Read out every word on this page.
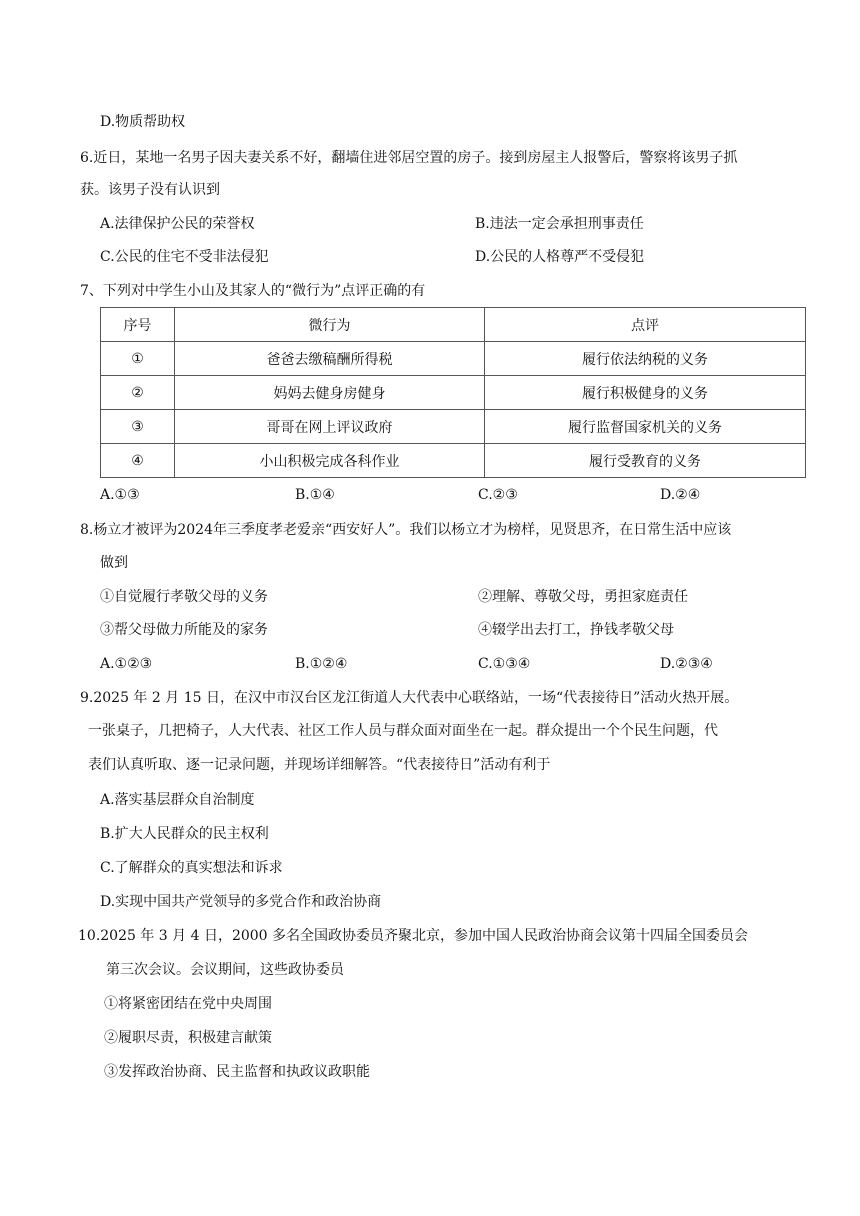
D.物质帮助权
6.近日，某地一名男子因夫妻关系不好，翻墙住进邻居空置的房子。接到房屋主人报警后，警察将该男子抓
获。该男子没有认识到
A.法律保护公民的荣誉权	B.违法一定会承担刑事责任
C.公民的住宅不受非法侵犯	D.公民的人格尊严不受侵犯
7、下列对中学生小山及其家人的“微行为”点评正确的有
序号	微行为	点评
①	爸爸去缴稿酬所得税	履行依法纳税的义务
②	妈妈去健身房健身	履行积极健身的义务
③	哥哥在网上评议政府	履行监督国家机关的义务
④	小山积极完成各科作业	履行受教育的义务
A.①③	B.①④	C.②③	D.②④
8.杨立才被评为2024年三季度孝老爱亲“西安好人”。我们以杨立才为榜样，见贤思齐，在日常生活中应该
做到
①自觉履行孝敬父母的义务	②理解、尊敬父母，勇担家庭责任
③帮父母做力所能及的家务	④辍学出去打工，挣钱孝敬父母
A.①②③	B.①②④	C.①③④	D.②③④
9.2025 年 2 月 15 日，在汉中市汉台区龙江街道人大代表中心联络站，一场“代表接待日”活动火热开展。
一张桌子，几把椅子，人大代表、社区工作人员与群众面对面坐在一起。群众提出一个个民生问题，代
表们认真听取、逐一记录问题，并现场详细解答。“代表接待日”活动有利于
A.落实基层群众自治制度
B.扩大人民群众的民主权利
C.了解群众的真实想法和诉求
D.实现中国共产党领导的多党合作和政治协商
10.2025 年 3 月 4 日，2000 多名全国政协委员齐聚北京，参加中国人民政治协商会议第十四届全国委员会
第三次会议。会议期间，这些政协委员
①将紧密团结在党中央周围
②履职尽责，积极建言献策
③发挥政治协商、民主监督和执政议政职能
